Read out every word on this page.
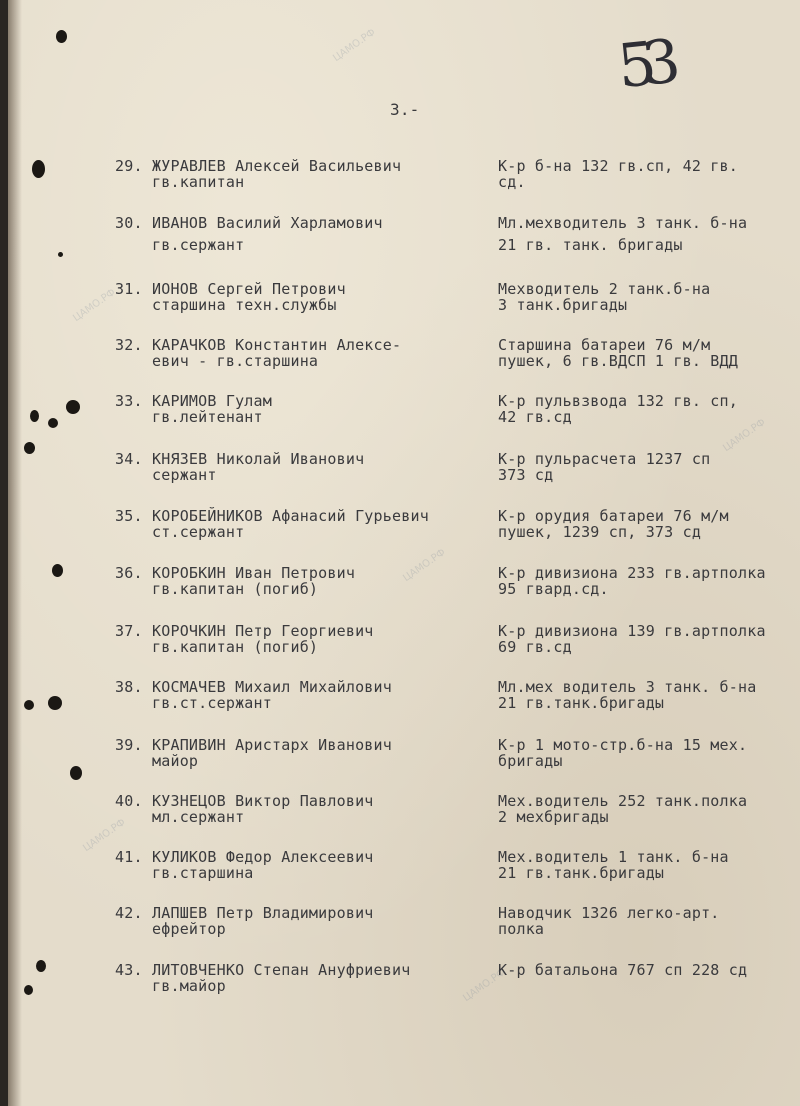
ЦАМО.РФ
ЦАМО.РФ
ЦАМО.РФ
ЦАМО.РФ
ЦАМО.РФ
ЦАМО.РФ
3.-
53
29. ЖУРАВЛЕВ Алексей Васильевич
гв.капитан
К-р б-на 132 гв.сп, 42 гв.
сд.
30. ИВАНОВ Василий Харламович
гв.сержант
Мл.мехводитель 3 танк. б-на
21 гв. танк. бригады
31. ИОНОВ Сергей Петрович
старшина техн.службы
Мехводитель 2 танк.б-на
3 танк.бригады
32. КАРАЧКОВ Константин Алексе-
евич - гв.старшина
Старшина батареи 76 м/м
пушек, 6 гв.ВДСП 1 гв. ВДД
33. КАРИМОВ Гулам
гв.лейтенант
К-р пульвзвода 132 гв. сп,
42 гв.сд
34. КНЯЗЕВ Николай Иванович
сержант
К-р пульрасчета 1237 сп
373 сд
35. КОРОБЕЙНИКОВ Афанасий Гурьевич
ст.сержант
К-р орудия батареи 76 м/м
пушек, 1239 сп, 373 сд
36. КОРОБКИН Иван Петрович
гв.капитан (погиб)
К-р дивизиона 233 гв.артполка
95 гвард.сд.
37. КОРОЧКИН Петр Георгиевич
гв.капитан (погиб)
К-р дивизиона 139 гв.артполка
69 гв.сд
38. КОСМАЧЕВ Михаил Михайлович
гв.ст.сержант
Мл.мех водитель 3 танк. б-на
21 гв.танк.бригады
39. КРАПИВИН Аристарх Иванович
майор
К-р 1 мото-стр.б-на 15 мех.
бригады
40. КУЗНЕЦОВ Виктор Павлович
мл.сержант
Мех.водитель 252 танк.полка
2 мехбригады
41. КУЛИКОВ Федор Алексеевич
гв.старшина
Мех.водитель 1 танк. б-на
21 гв.танк.бригады
42. ЛАПШЕВ Петр Владимирович
ефрейтор
Наводчик 1326 легко-арт.
полка
43. ЛИТОВЧЕНКО Степан Ануфриевич
гв.майор
К-р батальона 767 сп 228 сд
